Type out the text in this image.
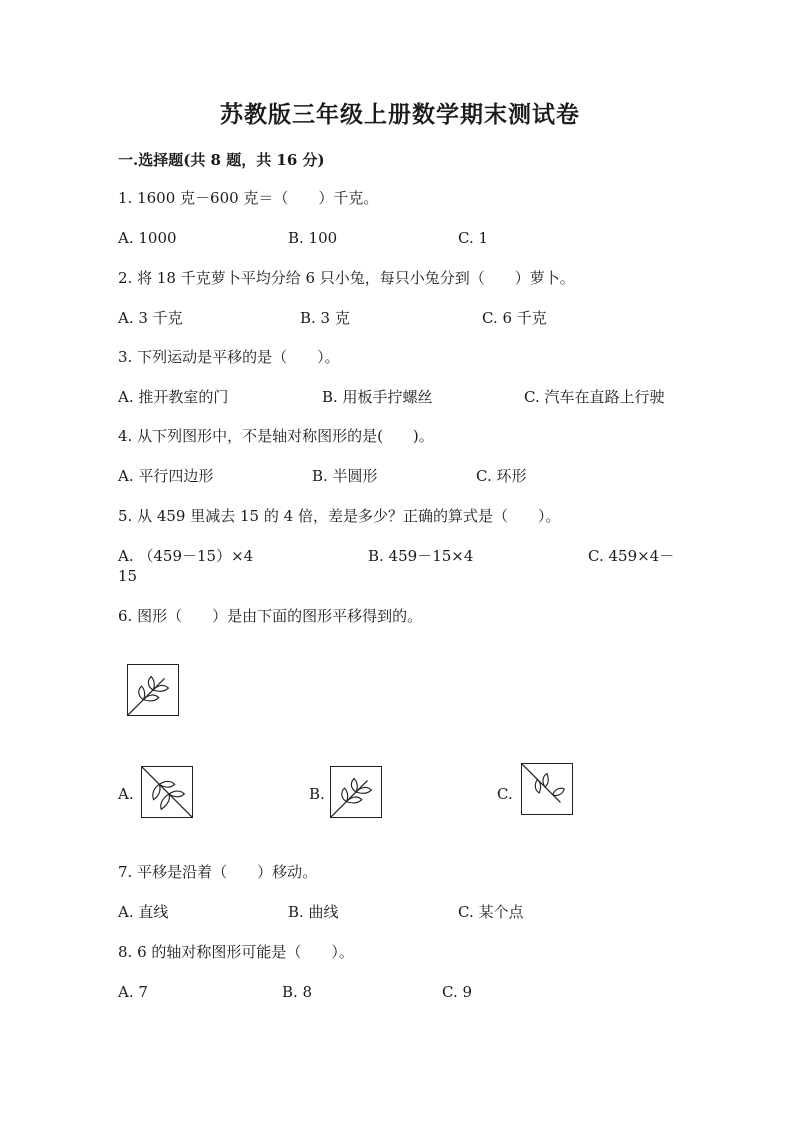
苏教版三年级上册数学期末测试卷
一.选择题(共 8 题，共 16 分)
1. 1600 克－600 克＝（　　）千克。
A. 1000	B. 100	C. 1
2. 将 18 千克萝卜平均分给 6 只小兔，每只小兔分到（　　）萝卜。
A. 3 千克	B. 3 克	C. 6 千克
3. 下列运动是平移的是（　　）。
A. 推开教室的门	B. 用板手拧螺丝	C. 汽车在直路上行驶
4. 从下列图形中，不是轴对称图形的是(　　)。
A. 平行四边形	B. 半圆形	C. 环形
5. 从 459 里减去 15 的 4 倍，差是多少？正确的算式是（　　）。
A. （459－15）×4	B. 459－15×4	C. 459×4－
15
6. 图形（　　）是由下面的图形平移得到的。
A.	B.	C.
7. 平移是沿着（　　）移动。
A. 直线	B. 曲线	C. 某个点
8. 6 的轴对称图形可能是（　　）。
A. 7	B. 8	C. 9
